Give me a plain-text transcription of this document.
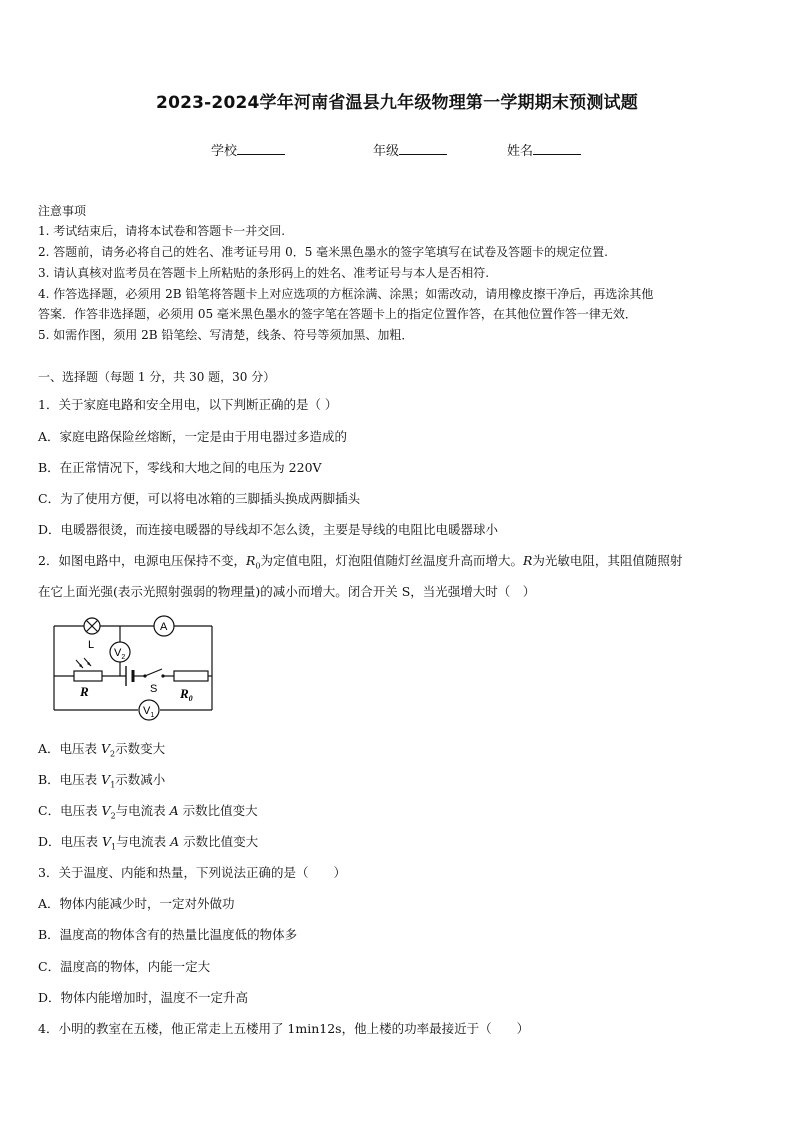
2023-2024学年河南省温县九年级物理第一学期期末预测试题
学校	年级	姓名
注意事项
1. 考试结束后，请将本试卷和答题卡一并交回.
2. 答题前，请务必将自己的姓名、准考证号用 0．5 毫米黑色墨水的签字笔填写在试卷及答题卡的规定位置.
3. 请认真核对监考员在答题卡上所粘贴的条形码上的姓名、准考证号与本人是否相符.
4. 作答选择题，必须用 2B 铅笔将答题卡上对应选项的方框涂满、涂黑；如需改动，请用橡皮擦干净后，再选涂其他
答案．作答非选择题，必须用 05 毫米黑色墨水的签字笔在答题卡上的指定位置作答，在其他位置作答一律无效．
5. 如需作图，须用 2B 铅笔绘、写清楚，线条、符号等须加黑、加粗．
一、选择题（每题 1 分，共 30 题，30 分）
1．关于家庭电路和安全用电，以下判断正确的是（ ）
A．家庭电路保险丝熔断，一定是由于用电器过多造成的
B．在正常情况下，零线和大地之间的电压为 220V
C．为了使用方便，可以将电冰箱的三脚插头换成两脚插头
D．电暖器很烫，而连接电暖器的导线却不怎么烫，主要是导线的电阻比电暖器球小
2．如图电路中，电源电压保持不变，$R_0$为定值电阻，灯泡阻值随灯丝温度升高而增大。R为光敏电阻，其阻值随照射
在它上面光强(表示光照射强弱的物理量)的减小而增大。闭合开关 S，当光强增大时（　）
L
A
$V_2$
R	S $R_0$
$V_1$
A．电压表 $V_2$示数变大
B．电压表 $V_1$示数减小
C．电压表 $V_2$与电流表 A 示数比值变大
D．电压表 $V_1$与电流表 A 示数比值变大
3．关于温度、内能和热量，下列说法正确的是（　　）
A．物体内能减少时，一定对外做功
B．温度高的物体含有的热量比温度低的物体多
C．温度高的物体，内能一定大
D．物体内能增加时，温度不一定升高
4．小明的教室在五楼，他正常走上五楼用了 1min12s，他上楼的功率最接近于（　　）
